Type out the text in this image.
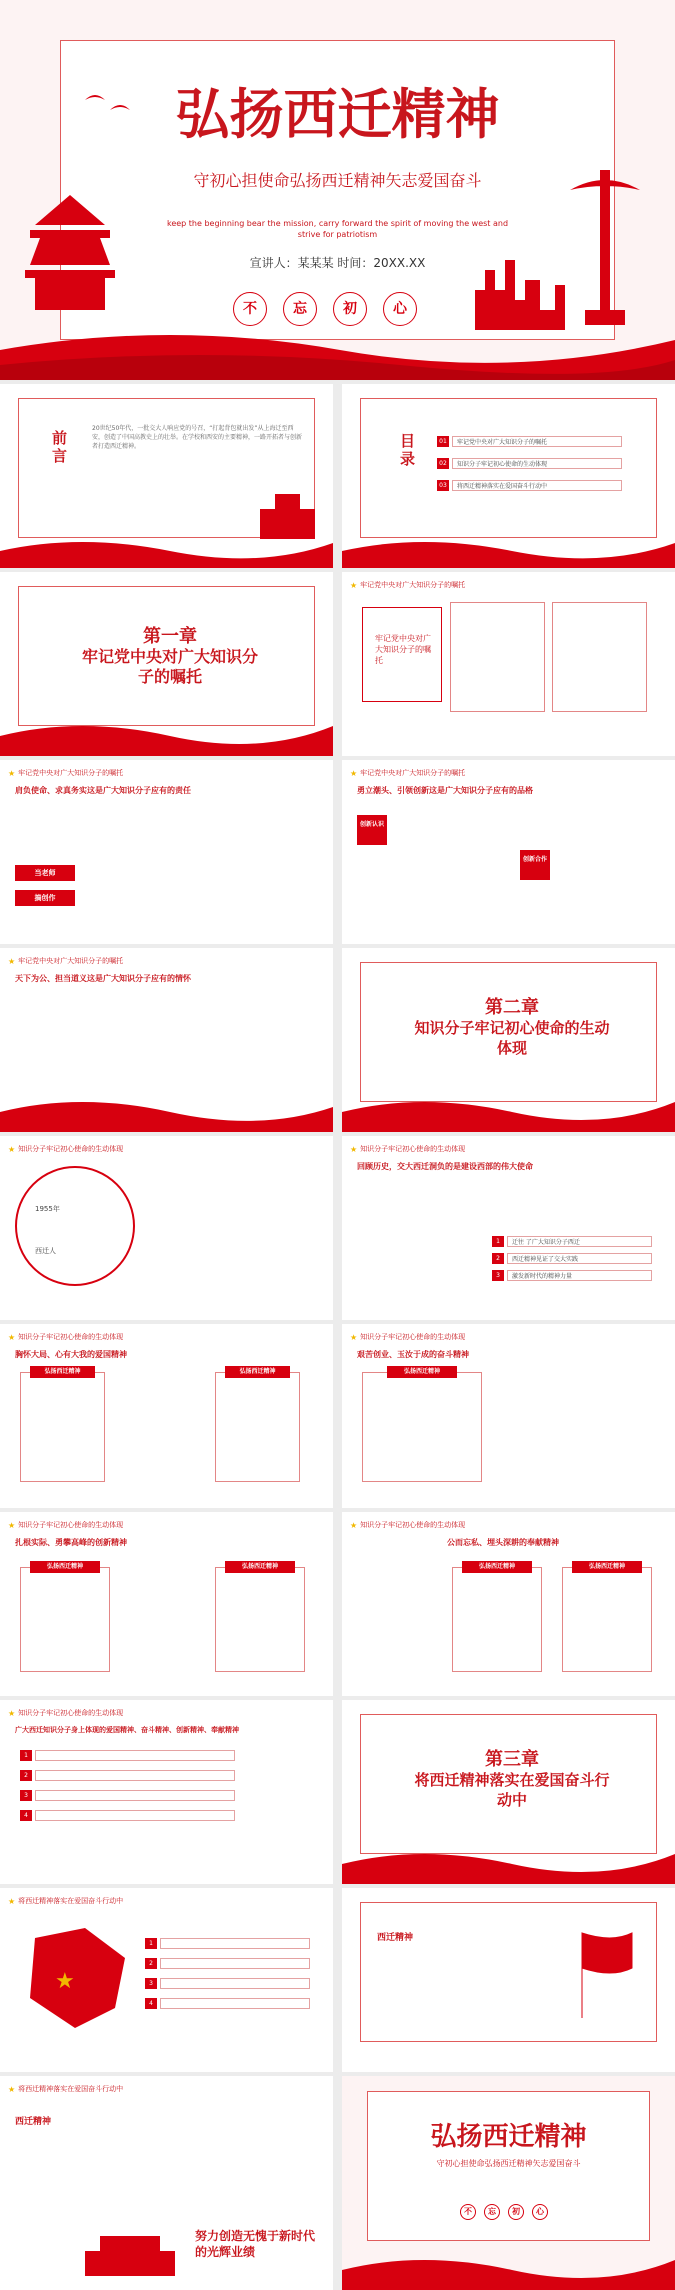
弘扬西迁精神
守初心担使命弘扬西迁精神矢志爱国奋斗
keep the beginning bear the mission, carry forward the spirit of moving the west and strive for patriotism
宣讲人：某某某 时间：20XX.XX
不	忘	初	心
前言
20世纪50年代，一批交大人响应党的号召，“打起背包就出发”从上海迁至西安，创造了中国高教史上的壮举。在学校和西安的主要精神，一路开拓者与创新者打造西迁精神。	目录
01	牢记党中央对广大知识分子的嘱托
02	知识分子牢记初心使命的生动体现
03	将西迁精神落实在爱国奋斗行动中
第一章
牢记党中央对广大知识分子的嘱托
★ 牢记党中央对广大知识分子的嘱托
牢记党中央对广大知识分子的嘱托
★ 牢记党中央对广大知识分子的嘱托
肩负使命、求真务实这是广大知识分子应有的责任
当老师
搞创作
★ 牢记党中央对广大知识分子的嘱托
勇立潮头、引领创新这是广大知识分子应有的品格
创新认识
创新合作
★ 牢记党中央对广大知识分子的嘱托
天下为公、担当道义这是广大知识分子应有的情怀
第二章
知识分子牢记初心使命的生动体现
★ 知识分子牢记初心使命的生动体现
1955年
西迁人
★ 知识分子牢记初心使命的生动体现
回顾历史，交大西迁洞负的是建设西部的伟大使命
1	迁往 了广大知识分子西迁
2	西迁精神见证了交大实践
3	激发新时代的精神力量
★ 知识分子牢记初心使命的生动体现
胸怀大局、心有大我的爱国精神
弘扬西迁精神	弘扬西迁精神
★ 知识分子牢记初心使命的生动体现
艰苦创业、玉汝于成的奋斗精神
弘扬西迁精神
★ 知识分子牢记初心使命的生动体现
扎根实际、勇攀高峰的创新精神
弘扬西迁精神	弘扬西迁精神
★ 知识分子牢记初心使命的生动体现
公而忘私、埋头深耕的奉献精神
弘扬西迁精神	弘扬西迁精神
★ 知识分子牢记初心使命的生动体现
广大西迁知识分子身上体现的爱国精神、奋斗精神、创新精神、奉献精神
1
2
3
4
第三章
将西迁精神落实在爱国奋斗行动中
★ 将西迁精神落实在爱国奋斗行动中
★
1
2
3
4
西迁精神
★ 将西迁精神落实在爱国奋斗行动中
西迁精神
努力创造无愧于新时代的光辉业绩
弘扬西迁精神
守初心担使命弘扬西迁精神矢志爱国奋斗
不	忘	初	心
